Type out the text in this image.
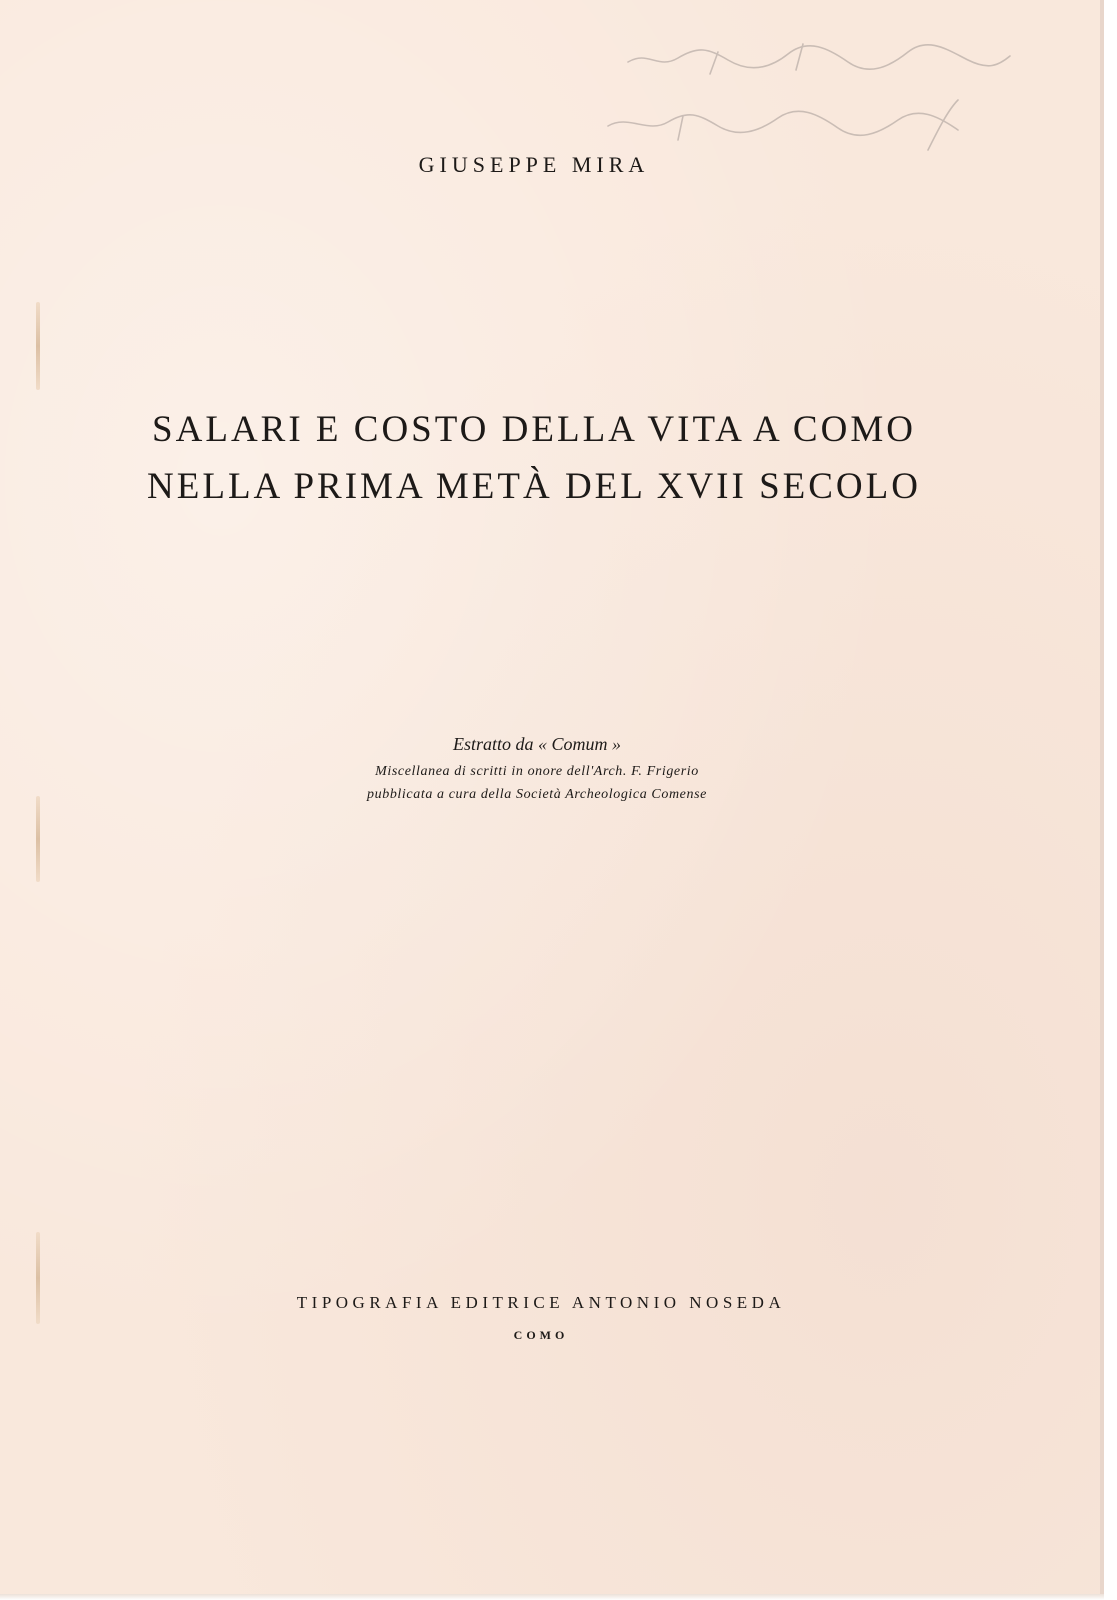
GIUSEPPE MIRA
SALARI E COSTO DELLA VITA A COMO
NELLA PRIMA METÀ DEL XVII SECOLO
Estratto da « Comum »
Miscellanea di scritti in onore dell'Arch. F. Frigerio
pubblicata a cura della Società Archeologica Comense
TIPOGRAFIA EDITRICE ANTONIO NOSEDA
COMO
